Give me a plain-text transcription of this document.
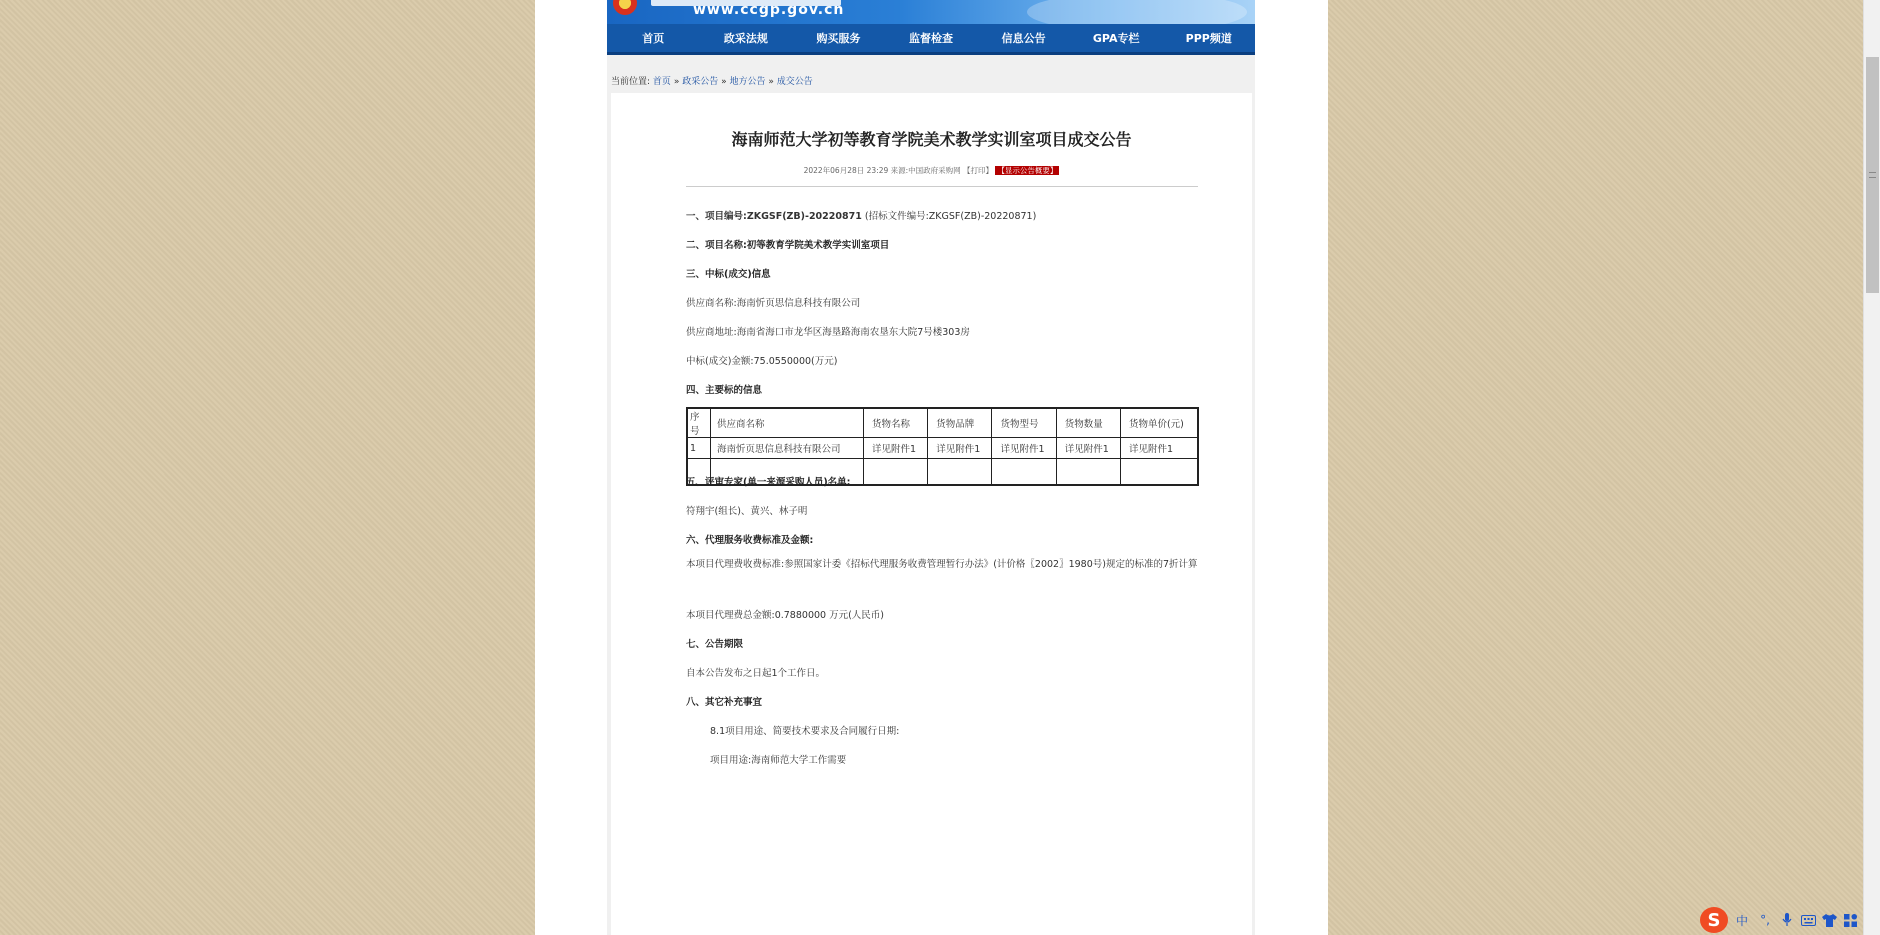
www.ccgp.gov.cn
首页	政采法规	购买服务	监督检查	信息公告	GPA专栏	PPP频道
当前位置: 首页 » 政采公告 » 地方公告 » 成交公告
海南师范大学初等教育学院美术教学实训室项目成交公告
2022年06月28日 23:29 来源:中国政府采购网 【打印】 【显示公告概要】
一、项目编号:ZKGSF(ZB)-20220871 (招标文件编号:ZKGSF(ZB)-20220871)
二、项目名称:初等教育学院美术教学实训室项目
三、中标(成交)信息
供应商名称:海南忻页思信息科技有限公司
供应商地址:海南省海口市龙华区海垦路海南农垦东大院7号楼303房
中标(成交)金额:75.0550000(万元)
四、主要标的信息
序号	供应商名称	货物名称	货物品牌	货物型号	货物数量	货物单价(元)
1	海南忻页思信息科技有限公司	详见附件1	详见附件1	详见附件1	详见附件1	详见附件1

五、评审专家(单一来源采购人员)名单:
符翔宇(组长)、黄兴、林子明
六、代理服务收费标准及金额:
本项目代理费收费标准:参照国家计委《招标代理服务收费管理暂行办法》(计价格〖2002〗1980号)规定的标准的7折计算
本项目代理费总金额:0.7880000 万元(人民币)
七、公告期限
自本公告发布之日起1个工作日。
八、其它补充事宜
8.1项目用途、简要技术要求及合同履行日期:
项目用途:海南师范大学工作需要
S	中	°,
